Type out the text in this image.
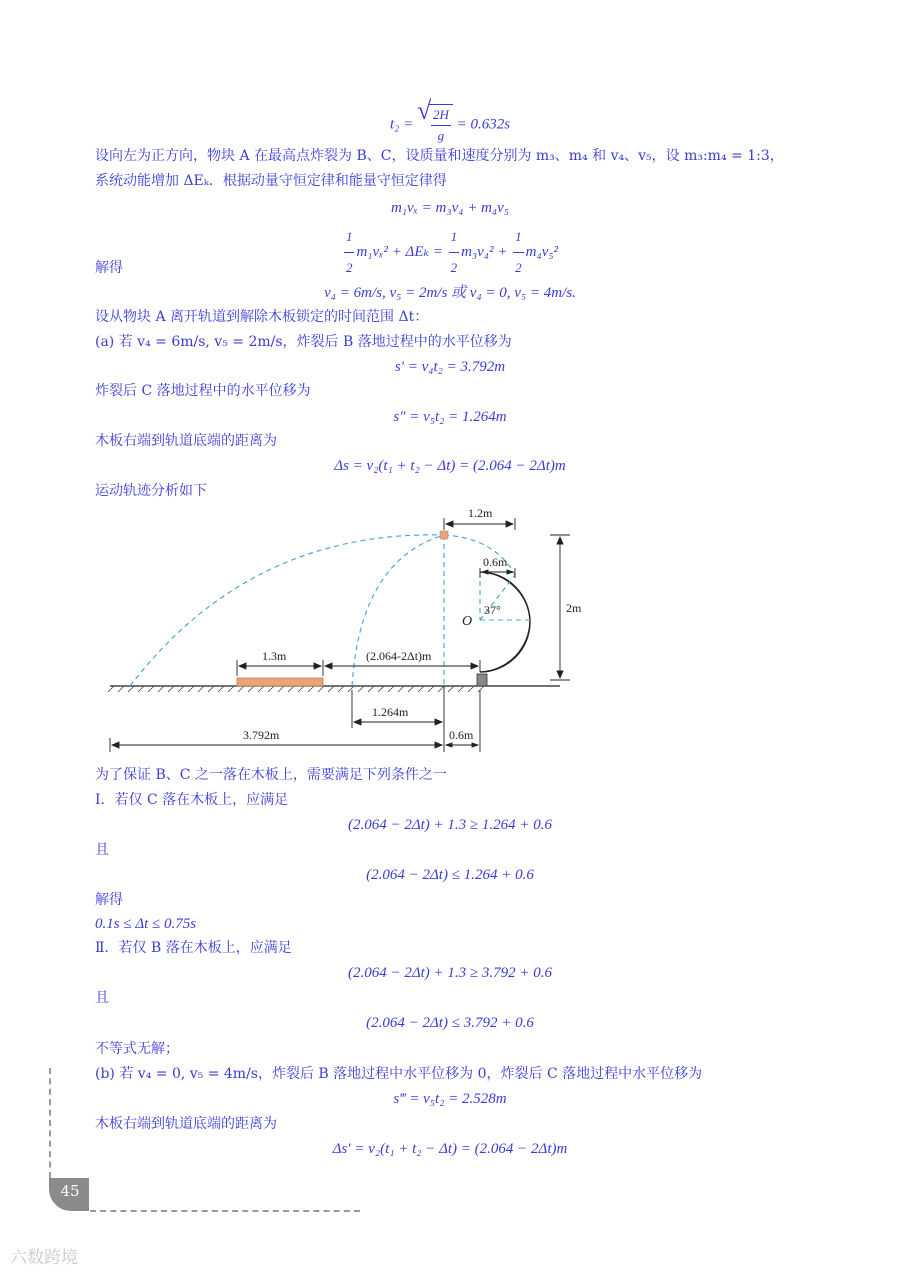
t₂ = √ $\frac{2H}{g} = 0.632s$
设向左为正方向，物块 A 在最高点炸裂为 B、C，设质量和速度分别为 m₃、m₄ 和 v₄、v₅，设 m₃:m₄ = 1:3，
系统动能增加 ΔEₖ．根据动量守恒定律和能量守恒定律得
m₁vₓ = m₃v₄ + m₄v₅
$\frac{1}{2} m_1v_x^2 + \Delta E_k = \frac{1}{2} m_3v_4^2 + \frac{1}{2} m_4v_5^2$
解得
v₄ = 6m/s, v₅ = 2m/s 或 v₄ = 0, v₅ = 4m/s.
设从物块 A 离开轨道到解除木板锁定的时间范围 Δt：
(a) 若 v₄ = 6m/s, v₅ = 2m/s，炸裂后 B 落地过程中的水平位移为
s′ = v₄t₂ = 3.792m
炸裂后 C 落地过程中的水平位移为
s″ = v₅t₂ = 1.264m
木板右端到轨道底端的距离为
Δs = v₂(t₁ + t₂ − Δt) = (2.064 − 2Δt)m
运动轨迹分析如下
1.2m
0.6m
37°
O
2m
1.3m	(2.064-2Δt)m
1.264m
3.792m	0.6m
为了保证 B、C 之一落在木板上，需要满足下列条件之一
Ⅰ．若仅 C 落在木板上，应满足
(2.064 − 2Δt) + 1.3 ≥ 1.264 + 0.6
且
(2.064 − 2Δt) ≤ 1.264 + 0.6
解得
0.1s ≤ Δt ≤ 0.75s
Ⅱ．若仅 B 落在木板上，应满足
(2.064 − 2Δt) + 1.3 ≥ 3.792 + 0.6
且
(2.064 − 2Δt) ≤ 3.792 + 0.6
不等式无解；
(b) 若 v₄ = 0, v₅ = 4m/s，炸裂后 B 落地过程中水平位移为 0，炸裂后 C 落地过程中水平位移为
s‴ = v₅t₂ = 2.528m
木板右端到轨道底端的距离为
Δs′ = v₂(t₁ + t₂ − Δt) = (2.064 − 2Δt)m
45
六数跨境
